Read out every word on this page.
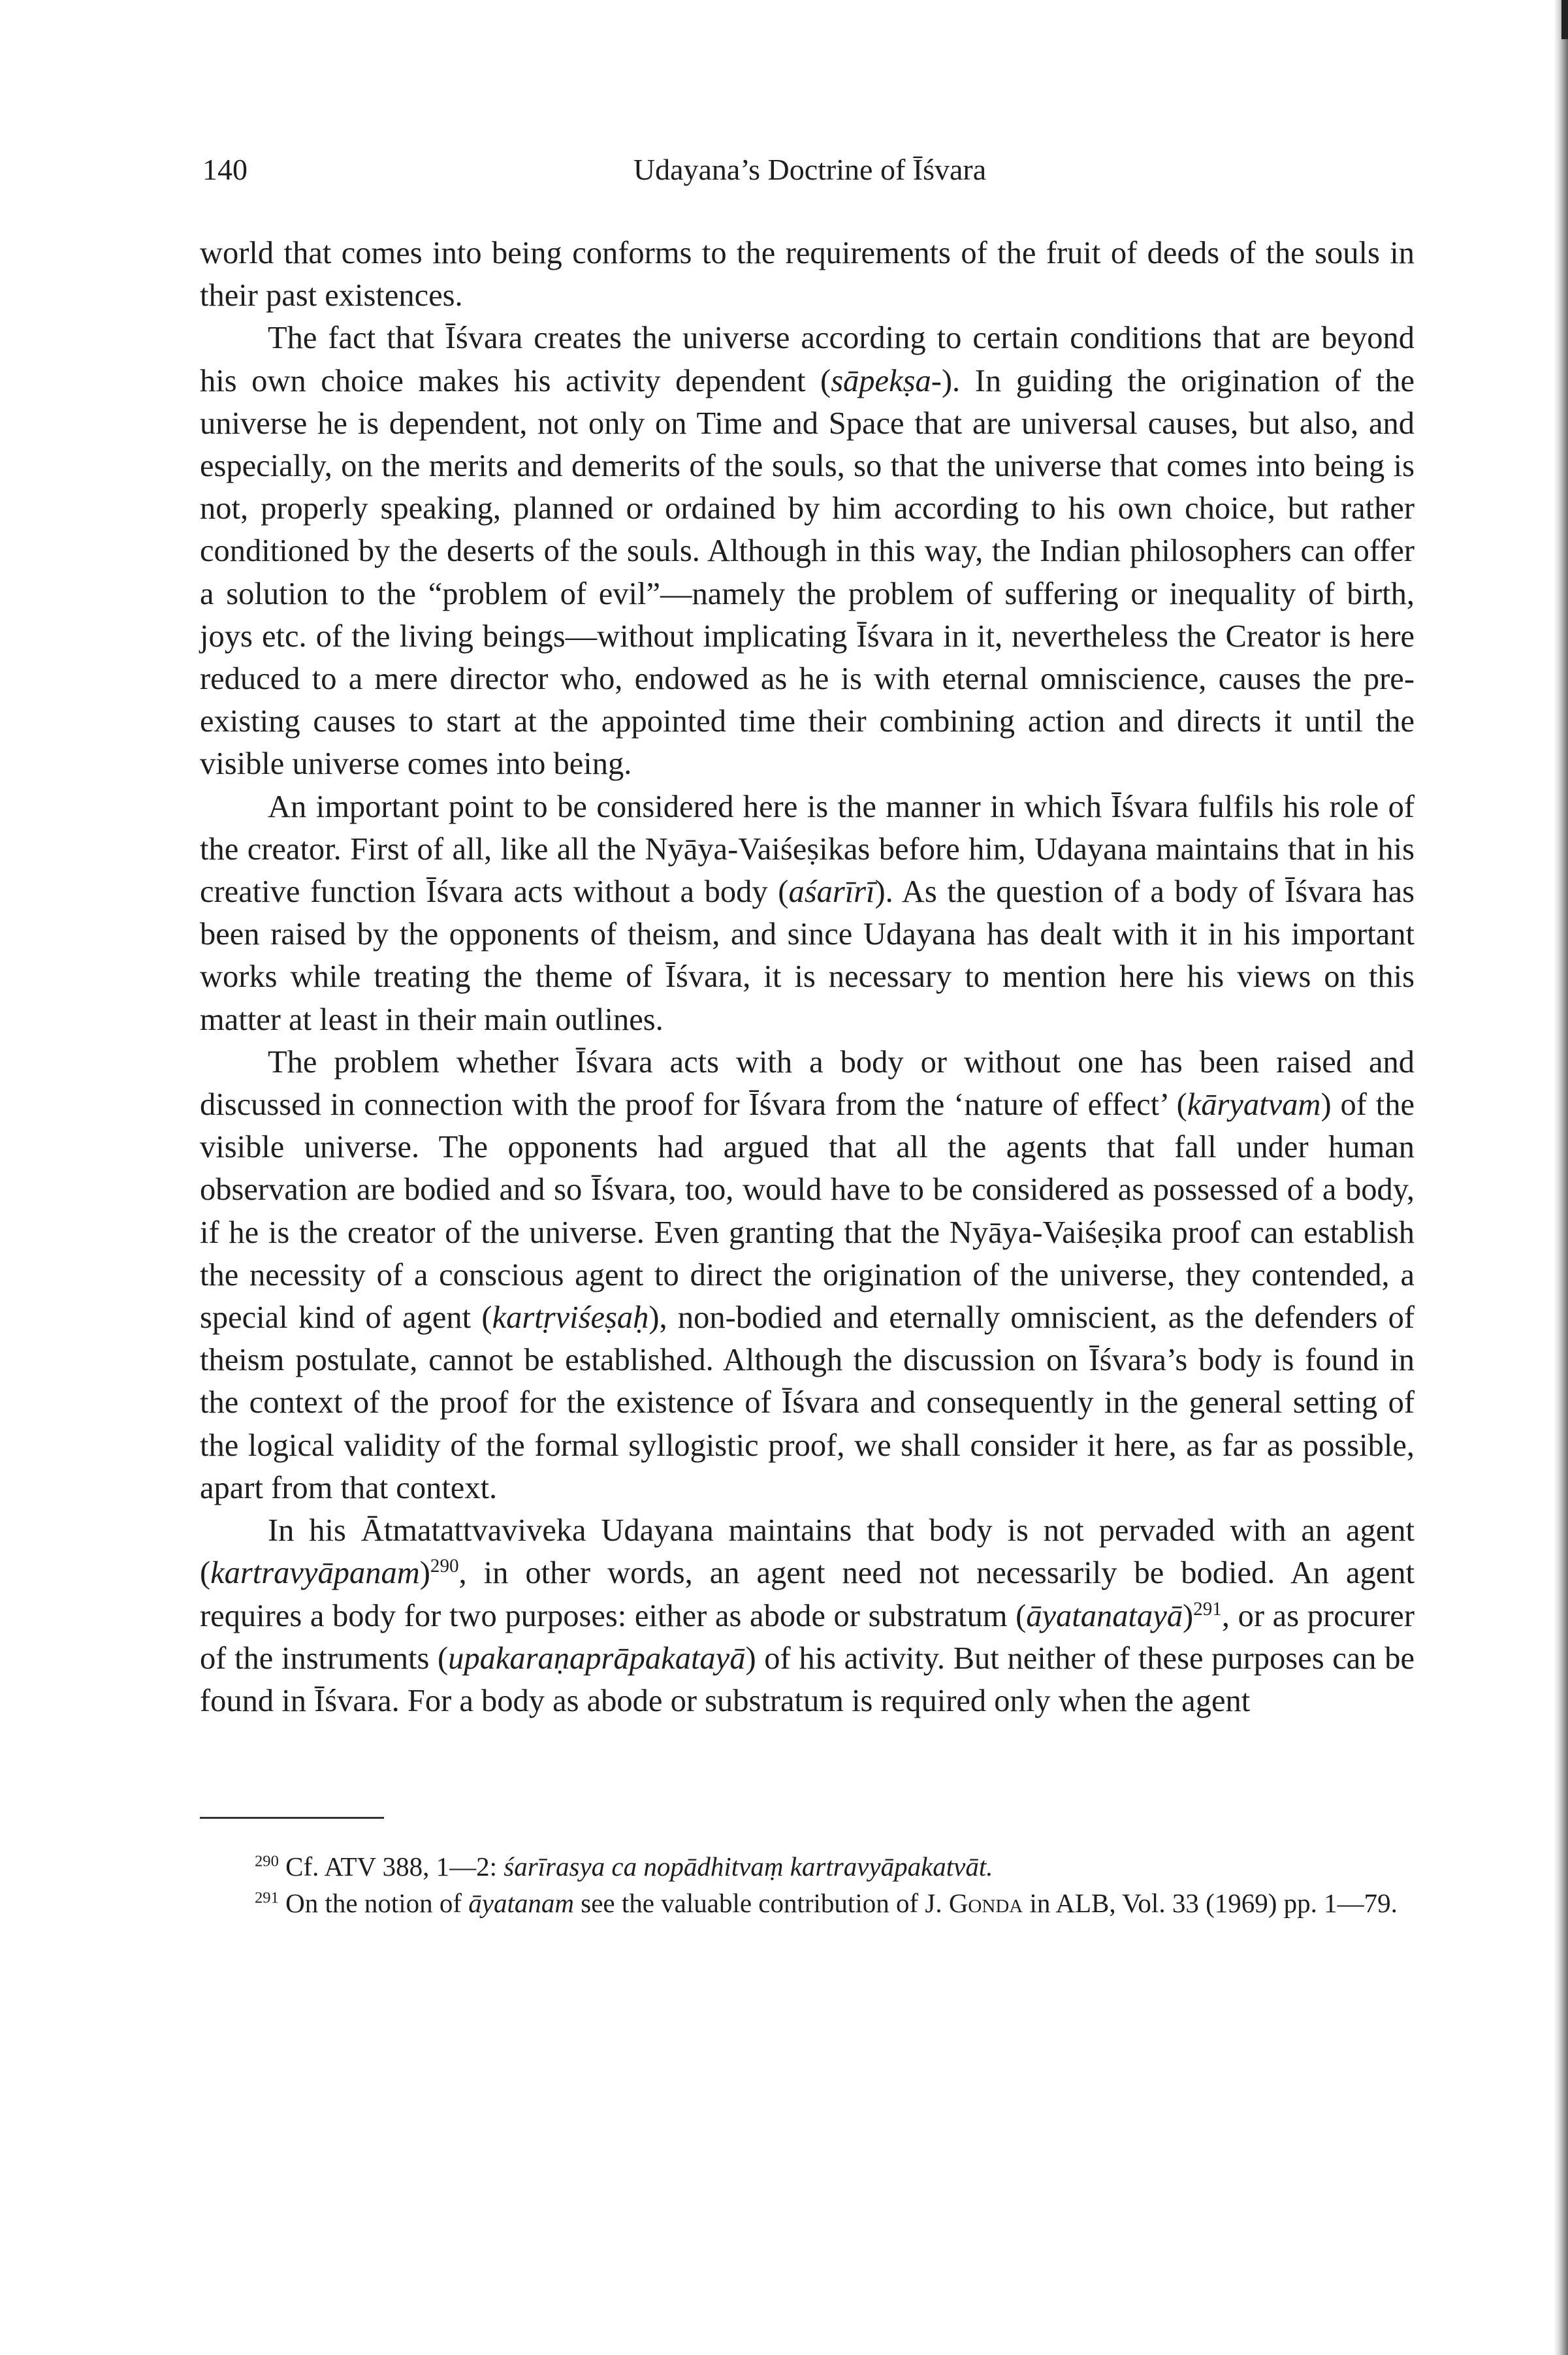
140	Udayana’s Doctrine of Īśvara

world that comes into being conforms to the requirements of the fruit of deeds of the souls in their past existences.

The fact that Īśvara creates the universe according to certain conditions that are beyond his own choice makes his activity dependent (sāpekṣa-). In guiding the origination of the universe he is dependent, not only on Time and Space that are universal causes, but also, and especially, on the merits and demerits of the souls, so that the universe that comes into being is not, properly speaking, planned or ordained by him according to his own choice, but rather conditioned by the deserts of the souls. Although in this way, the Indian philosophers can offer a solution to the “problem of evil”—namely the problem of suffering or inequality of birth, joys etc. of the living beings—without implicating Īśvara in it, nevertheless the Creator is here reduced to a mere director who, endowed as he is with eternal omniscience, causes the pre-existing causes to start at the appointed time their combining action and directs it until the visible universe comes into being.

An important point to be considered here is the manner in which Īśvara fulfils his role of the creator. First of all, like all the Nyāya-Vaiśeṣikas before him, Udayana maintains that in his creative function Īśvara acts without a body (aśarīrī). As the question of a body of Īśvara has been raised by the opponents of theism, and since Udayana has dealt with it in his important works while treating the theme of Īśvara, it is necessary to mention here his views on this matter at least in their main outlines.

The problem whether Īśvara acts with a body or without one has been raised and discussed in connection with the proof for Īśvara from the ‘nature of effect’ (kāryatvam) of the visible universe. The opponents had argued that all the agents that fall under human observation are bodied and so Īśvara, too, would have to be considered as possessed of a body, if he is the creator of the universe. Even granting that the Nyāya-Vaiśeṣika proof can establish the necessity of a conscious agent to direct the origination of the universe, they contended, a special kind of agent (kartṛviśeṣaḥ), non-bodied and eternally omniscient, as the defenders of theism postulate, cannot be established. Although the discussion on Īśvara’s body is found in the context of the proof for the existence of Īśvara and consequently in the general setting of the logical validity of the formal syllogistic proof, we shall consider it here, as far as possible, apart from that context.

In his Ātmatattvaviveka Udayana maintains that body is not pervaded with an agent (kartravyāpanam)$^{290}$, in other words, an agent need not necessarily be bodied. An agent requires a body for two purposes: either as abode or substratum (āyatanatayā)$^{291}$, or as procurer of the instruments (upakaraṇaprāpakatayā) of his activity. But neither of these purposes can be found in Īśvara. For a body as abode or substratum is required only when the agent

$^{290}$ Cf. ATV 388, 1—2: śarīrasya ca nopādhitvaṃ kartravyāpakatvāt.

$^{291}$ On the notion of āyatanam see the valuable contribution of J. Gonda in ALB, Vol. 33 (1969) pp. 1—79.
